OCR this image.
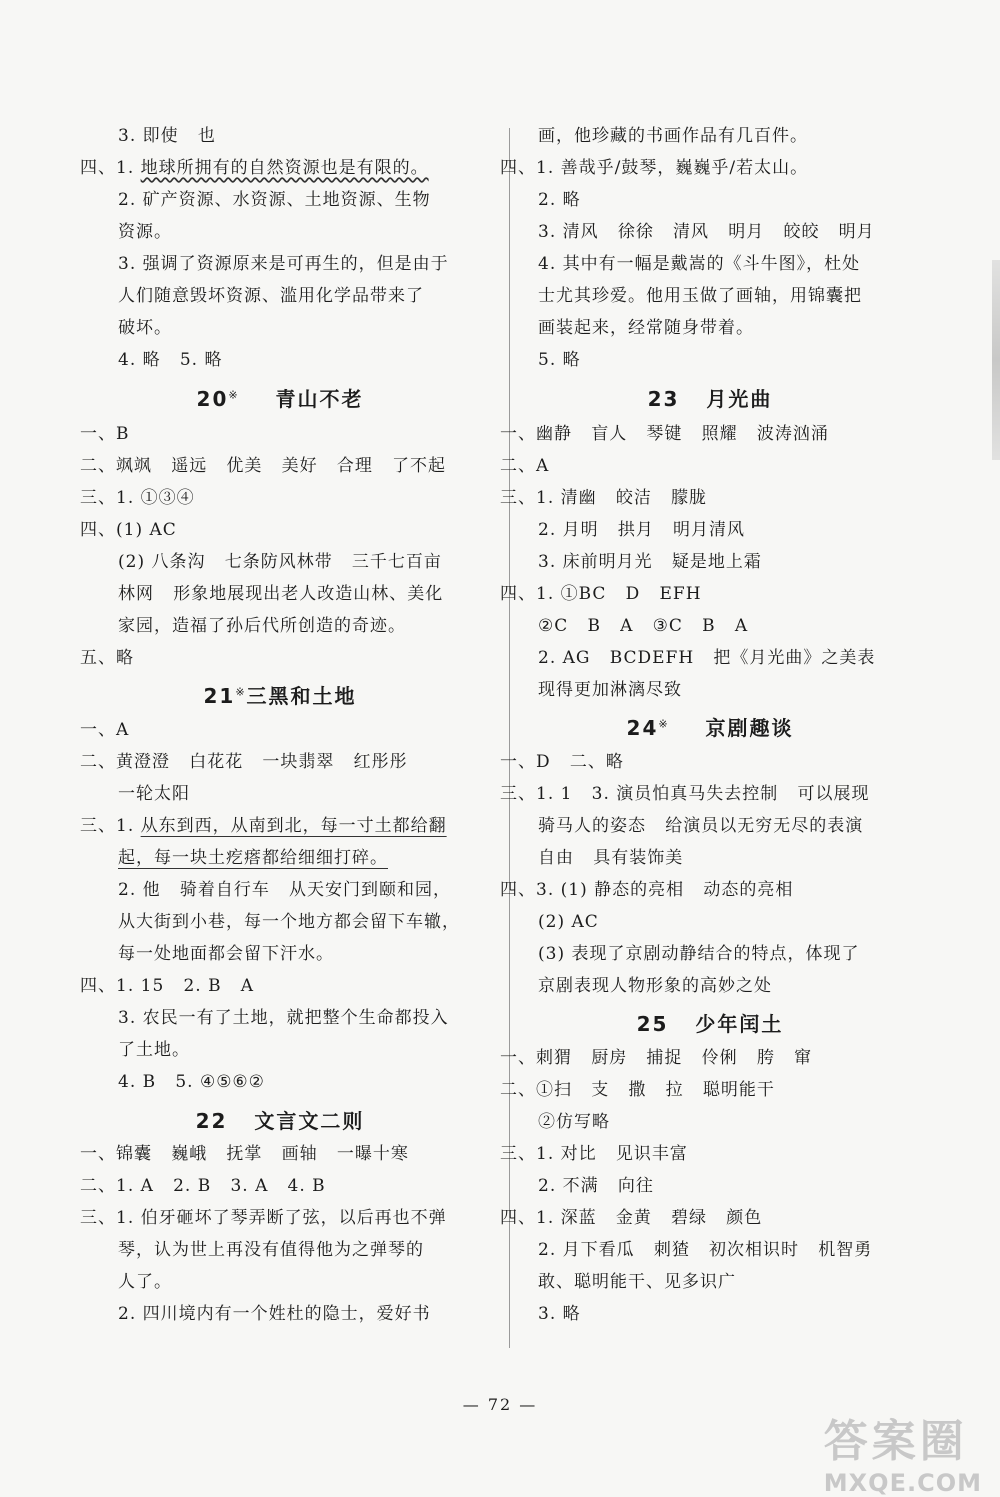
3. 即使   也
四、1. 地球所拥有的自然资源也是有限的。
2. 矿产资源、水资源、土地资源、生物
资源。
3. 强调了资源原来是可再生的，但是由于
人们随意毁坏资源、滥用化学品带来了
破坏。
4. 略   5. 略
20※    青山不老
一、B
二、飒飒   遥远   优美   美好   合理   了不起
三、1. ①③④
四、(1) AC
(2) 八条沟   七条防风林带   三千七百亩
林网   形象地展现出老人改造山林、美化
家园，造福了孙后代所创造的奇迹。
五、略
21※三黑和土地
一、A
二、黄澄澄   白花花   一块翡翠   红彤彤
一轮太阳
三、1. 从东到西，从南到北，每一寸土都给翻
起，每一块土疙瘩都给细细打碎。
2. 他   骑着自行车   从天安门到颐和园，
从大街到小巷，每一个地方都会留下车辙，
每一处地面都会留下汗水。
四、1. 15   2. B   A
3. 农民一有了土地，就把整个生命都投入
了土地。
4. B   5. ④⑤⑥②
22   文言文二则
一、锦囊   巍峨   抚掌   画轴   一曝十寒
二、1. A   2. B   3. A   4. B
三、1. 伯牙砸坏了琴弄断了弦，以后再也不弹
琴，认为世上再没有值得他为之弹琴的
人了。
2. 四川境内有一个姓杜的隐士，爱好书
画，他珍藏的书画作品有几百件。
四、1. 善哉乎/鼓琴，巍巍乎/若太山。
2. 略
3. 清风   徐徐   清风   明月   皎皎   明月
4. 其中有一幅是戴嵩的《斗牛图》，杜处
士尤其珍爱。他用玉做了画轴，用锦囊把
画装起来，经常随身带着。
5. 略
23   月光曲
一、幽静   盲人   琴键   照耀   波涛汹涌
二、A
三、1. 清幽   皎洁   朦胧
2. 月明   拱月   明月清风
3. 床前明月光   疑是地上霜
四、1. ①BC   D   EFH
②C   B   A   ③C   B   A
2. AG   BCDEFH   把《月光曲》之美表
现得更加淋漓尽致
24※    京剧趣谈
一、D   二、略
三、1. 1   3. 演员怕真马失去控制   可以展现
骑马人的姿态   给演员以无穷无尽的表演
自由   具有装饰美
四、3. (1) 静态的亮相   动态的亮相
(2) AC
(3) 表现了京剧动静结合的特点，体现了
京剧表现人物形象的高妙之处
25   少年闰土
一、刺猬   厨房   捕捉   伶俐   胯   窜
二、①扫   支   撒   拉   聪明能干
②仿写略
三、1. 对比   见识丰富
2. 不满   向往
四、1. 深蓝   金黄   碧绿   颜色
2. 月下看瓜   刺猹   初次相识时   机智勇
敢、聪明能干、见多识广
3. 略
— 72 —
答案圈
MXQE.COM
